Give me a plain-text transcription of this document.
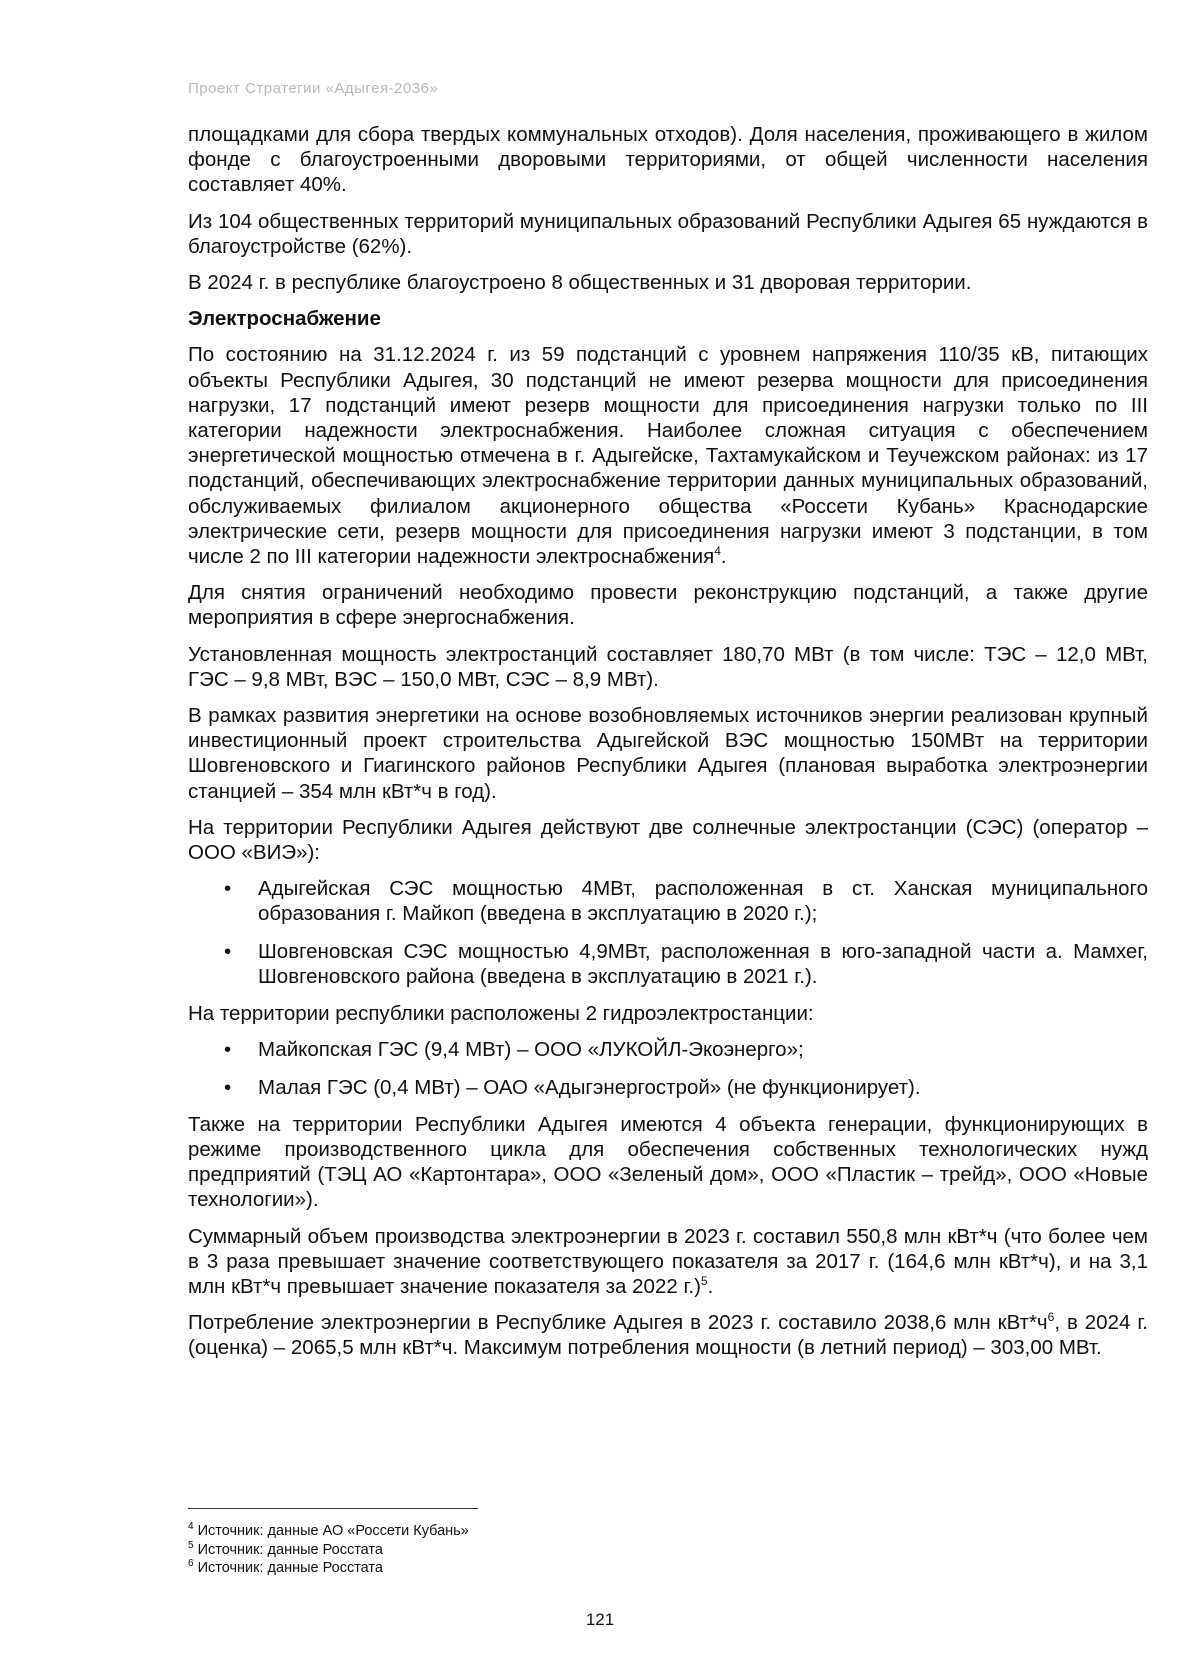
Проект Стратегии «Адыгея-2036»

площадками для сбора твердых коммунальных отходов). Доля населения, проживающего в жилом фонде с благоустроенными дворовыми территориями, от общей численности населения составляет 40%.

Из 104 общественных территорий муниципальных образований Республики Адыгея 65 нуждаются в благоустройстве (62%).

В 2024 г. в республике благоустроено 8 общественных и 31 дворовая территории.

Электроснабжение

По состоянию на 31.12.2024 г. из 59 подстанций с уровнем напряжения 110/35 кВ, питающих объекты Республики Адыгея, 30 подстанций не имеют резерва мощности для присоединения нагрузки, 17 подстанций имеют резерв мощности для присоединения нагрузки только по III категории надежности электроснабжения. Наиболее сложная ситуация с обеспечением энергетической мощностью отмечена в г. Адыгейске, Тахтамукайском и Теучежском районах: из 17 подстанций, обеспечивающих электроснабжение территории данных муниципальных образований, обслуживаемых филиалом акционерного общества «Россети Кубань» Краснодарские электрические сети, резерв мощности для присоединения нагрузки имеют 3 подстанции, в том числе 2 по III категории надежности электроснабжения$^4$.

Для снятия ограничений необходимо провести реконструкцию подстанций, а также другие мероприятия в сфере энергоснабжения.

Установленная мощность электростанций составляет 180,70 МВт (в том числе: ТЭС – 12,0 МВт, ГЭС – 9,8 МВт, ВЭС – 150,0 МВт, СЭС – 8,9 МВт).

В рамках развития энергетики на основе возобновляемых источников энергии реализован крупный инвестиционный проект строительства Адыгейской ВЭС мощностью 150МВт на территории Шовгеновского и Гиагинского районов Республики Адыгея (плановая выработка электроэнергии станцией – 354 млн кВт*ч в год).

На территории Республики Адыгея действуют две солнечные электростанции (СЭС) (оператор – ООО «ВИЭ»):

• Адыгейская СЭС мощностью 4МВт, расположенная в ст. Ханская муниципального образования г. Майкоп (введена в эксплуатацию в 2020 г.);
• Шовгеновская СЭС мощностью 4,9МВт, расположенная в юго-западной части а. Мамхег, Шовгеновского района (введена в эксплуатацию в 2021 г.).

На территории республики расположены 2 гидроэлектростанции:

• Майкопская ГЭС (9,4 МВт) – ООО «ЛУКОЙЛ-Экоэнерго»;
• Малая ГЭС (0,4 МВт) – ОАО «Адыгэнергострой» (не функционирует).

Также на территории Республики Адыгея имеются 4 объекта генерации, функционирующих в режиме производственного цикла для обеспечения собственных технологических нужд предприятий (ТЭЦ АО «Картонтара», ООО «Зеленый дом», ООО «Пластик – трейд», ООО «Новые технологии»).

Суммарный объем производства электроэнергии в 2023 г. составил 550,8 млн кВт*ч (что более чем в 3 раза превышает значение соответствующего показателя за 2017 г. (164,6 млн кВт*ч), и на 3,1 млн кВт*ч превышает значение показателя за 2022 г.)$^5$.

Потребление электроэнергии в Республике Адыгея в 2023 г. составило 2038,6 млн $кВт*ч^6$, в 2024 г. (оценка) – 2065,5 млн кВт*ч. Максимум потребления мощности (в летний период) – 303,00 МВт.

$^4$ Источник: данные АО «Россети Кубань»

$^5$ Источник: данные Росстата

$^6$ Источник: данные Росстата

121
